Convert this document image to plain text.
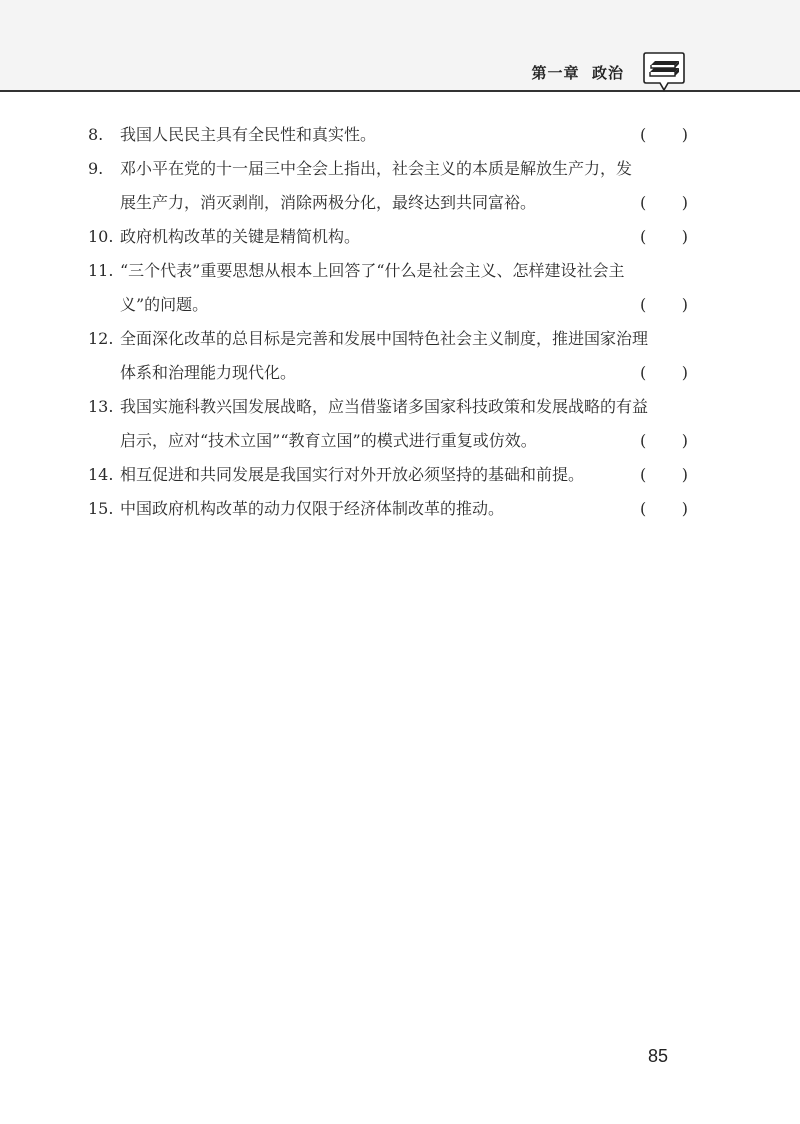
第一章  政治
8. 我国人民民主具有全民性和真实性。	( )
9. 邓小平在党的十一届三中全会上指出，社会主义的本质是解放生产力，发
展生产力，消灭剥削，消除两极分化，最终达到共同富裕。	( )
10. 政府机构改革的关键是精简机构。	( )
11. “三个代表”重要思想从根本上回答了“什么是社会主义、怎样建设社会主
义”的问题。	( )
12. 全面深化改革的总目标是完善和发展中国特色社会主义制度，推进国家治理
体系和治理能力现代化。	( )
13. 我国实施科教兴国发展战略，应当借鉴诸多国家科技政策和发展战略的有益
启示，应对“技术立国”“教育立国”的模式进行重复或仿效。	( )
14. 相互促进和共同发展是我国实行对外开放必须坚持的基础和前提。	( )
15. 中国政府机构改革的动力仅限于经济体制改革的推动。	( )
85
